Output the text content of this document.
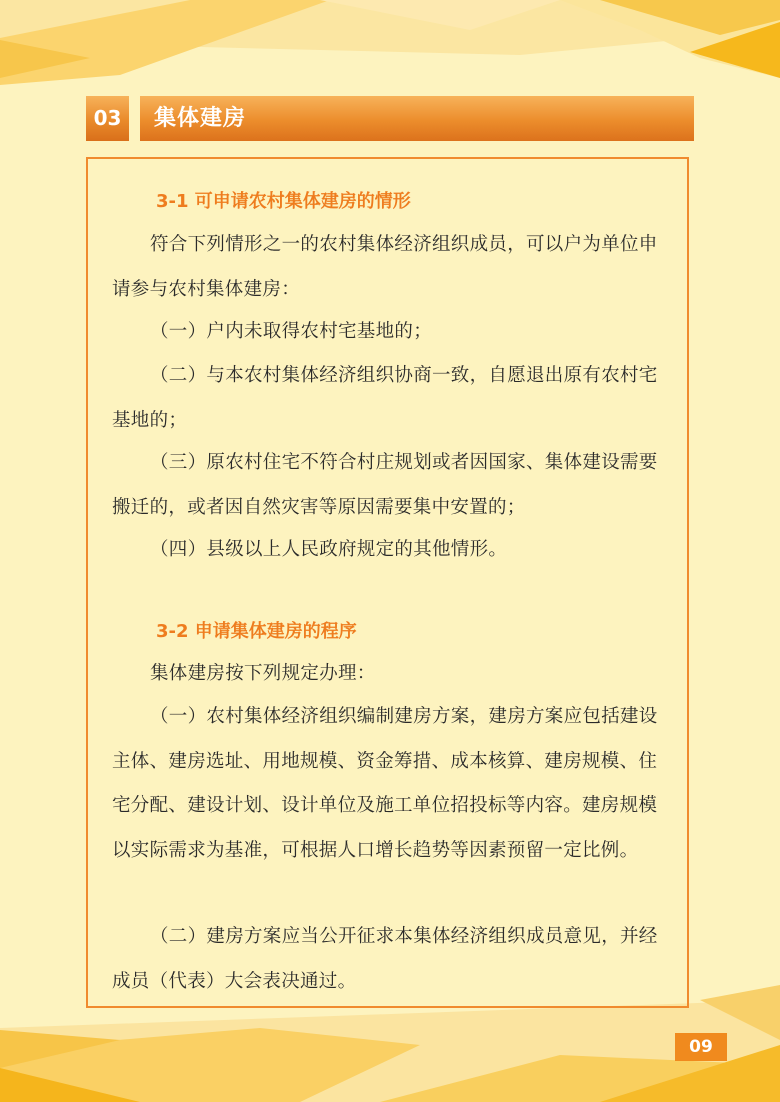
03	集体建房
3-1 可申请农村集体建房的情形

符合下列情形之一的农村集体经济组织成员，可以户为单位申请参与农村集体建房：

（一）户内未取得农村宅基地的；

（二）与本农村集体经济组织协商一致，自愿退出原有农村宅基地的；

（三）原农村住宅不符合村庄规划或者因国家、集体建设需要搬迁的，或者因自然灾害等原因需要集中安置的；

（四）县级以上人民政府规定的其他情形。

3-2 申请集体建房的程序

集体建房按下列规定办理：

（一）农村集体经济组织编制建房方案，建房方案应包括建设主体、建房选址、用地规模、资金筹措、成本核算、建房规模、住宅分配、建设计划、设计单位及施工单位招投标等内容。建房规模以实际需求为基准，可根据人口增长趋势等因素预留一定比例。

（二）建房方案应当公开征求本集体经济组织成员意见，并经成员（代表）大会表决通过。

09
